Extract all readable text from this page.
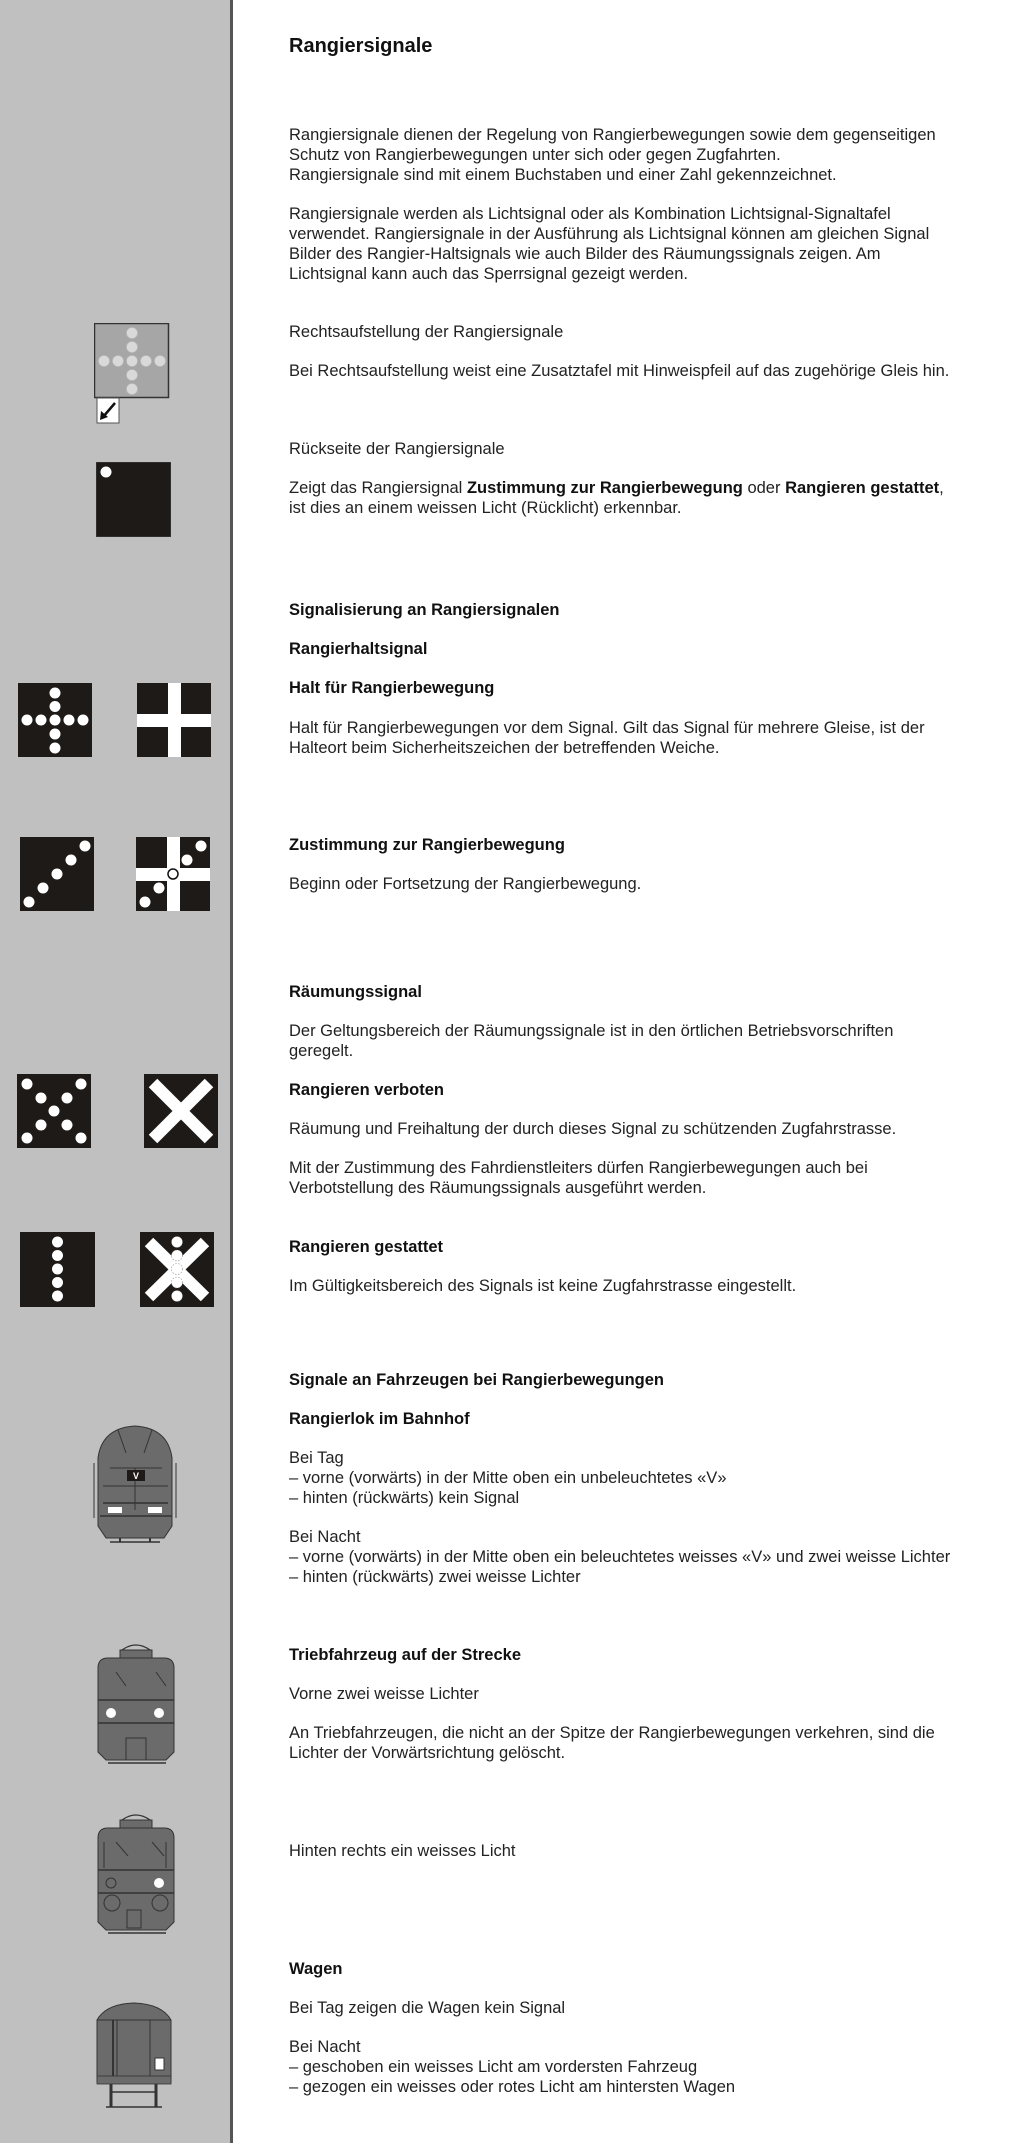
Rangiersignale
Rangiersignale dienen der Regelung von Rangierbewegungen sowie dem gegenseitigen
Schutz von Rangierbewegungen unter sich oder gegen Zugfahrten.
Rangiersignale sind mit einem Buchstaben und einer Zahl gekennzeichnet.
Rangiersignale werden als Lichtsignal oder als Kombination Lichtsignal-Signaltafel
verwendet. Rangiersignale in der Ausführung als Lichtsignal können am gleichen Signal
Bilder des Rangier-Haltsignals wie auch Bilder des Räumungssignals zeigen. Am
Lichtsignal kann auch das Sperrsignal gezeigt werden.
Rechtsaufstellung der Rangiersignale
Bei Rechtsaufstellung weist eine Zusatztafel mit Hinweispfeil auf das zugehörige Gleis hin.
Rückseite der Rangiersignale
Zeigt das Rangiersignal Zustimmung zur Rangierbewegung oder Rangieren gestattet,
ist dies an einem weissen Licht (Rücklicht) erkennbar.
Signalisierung an Rangiersignalen
Rangierhaltsignal
Halt für Rangierbewegung
Halt für Rangierbewegungen vor dem Signal. Gilt das Signal für mehrere Gleise, ist der
Halteort beim Sicherheitszeichen der betreffenden Weiche.
Zustimmung zur Rangierbewegung
Beginn oder Fortsetzung der Rangierbewegung.
Räumungssignal
Der Geltungsbereich der Räumungssignale ist in den örtlichen Betriebsvorschriften
geregelt.
Rangieren verboten
Räumung und Freihaltung der durch dieses Signal zu schützenden Zugfahrstrasse.
Mit der Zustimmung des Fahrdienstleiters dürfen Rangierbewegungen auch bei
Verbotstellung des Räumungssignals ausgeführt werden.
Rangieren gestattet
Im Gültigkeitsbereich des Signals ist keine Zugfahrstrasse eingestellt.
Signale an Fahrzeugen bei Rangierbewegungen
Rangierlok im Bahnhof
Bei Tag
– vorne (vorwärts) in der Mitte oben ein unbeleuchtetes «V»
– hinten (rückwärts) kein Signal
Bei Nacht
– vorne (vorwärts) in der Mitte oben ein beleuchtetes weisses «V» und zwei weisse Lichter
– hinten (rückwärts) zwei weisse Lichter
Triebfahrzeug auf der Strecke
Vorne zwei weisse Lichter
An Triebfahrzeugen, die nicht an der Spitze der Rangierbewegungen verkehren, sind die
Lichter der Vorwärtsrichtung gelöscht.
Hinten rechts ein weisses Licht
Wagen
Bei Tag zeigen die Wagen kein Signal
Bei Nacht
– geschoben ein weisses Licht am vordersten Fahrzeug
– gezogen ein weisses oder rotes Licht am hintersten Wagen
V
